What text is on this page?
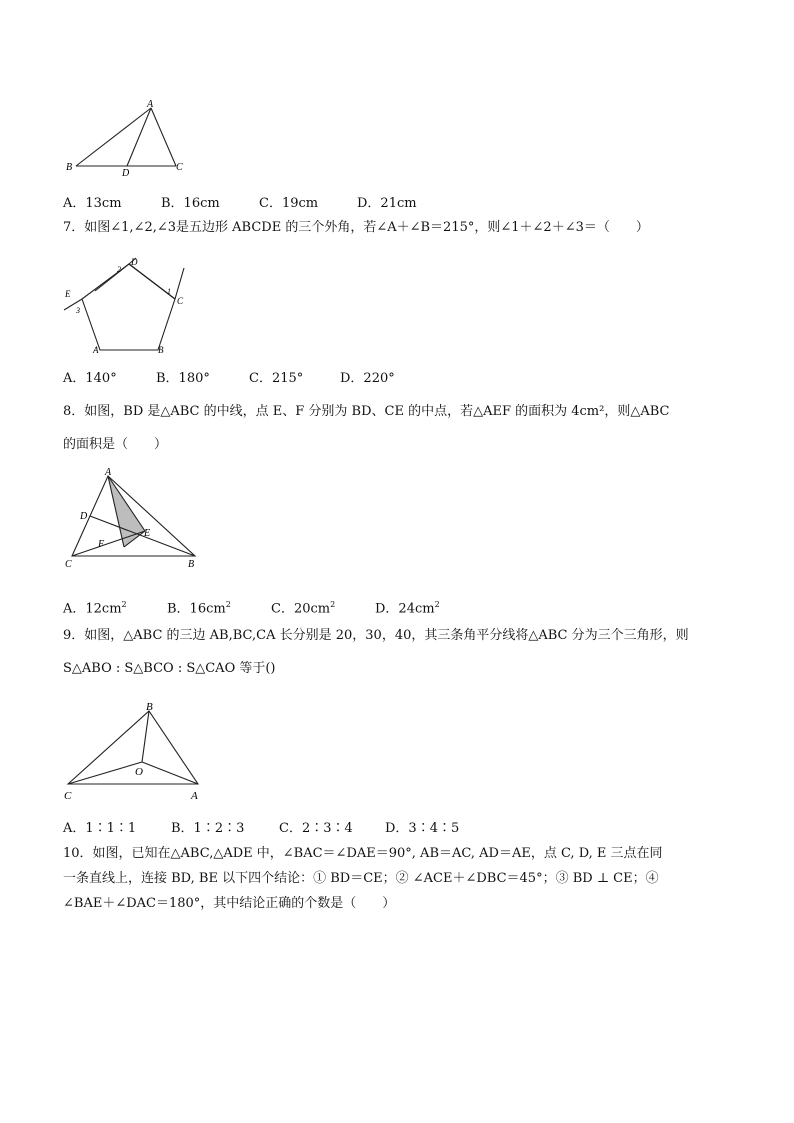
A
B
D
C
A．13cm	B．16cm	C．19cm	D．21cm
7．如图∠1,∠2,∠3是五边形 ABCDE 的三个外角，若∠A＋∠B＝215°，则∠1＋∠2＋∠3＝（　　）
D
2
C
1
E
3
A	B
A．140°	B．180°	C．215°	D．220°
8．如图，BD 是△ABC 的中线，点 E、F 分别为 BD、CE 的中点，若△AEF 的面积为 4cm²，则△ABC
的面积是（　　）
A
D
E
F
C	B
A．$12cm^2$	B．$16cm^2$	C．$20cm^2$	D．$24cm^2$
9．如图，△ABC 的三边 AB,BC,CA 长分别是 20，30，40，其三条角平分线将△ABC 分为三个三角形，则
S△ABO : S△BCO : S△CAO 等于()
B
O
C	A
A．1∶1∶1	B．1∶2∶3	C．2∶3∶4 D．3∶4∶5
10．如图，已知在△ABC,△ADE 中，∠BAC＝∠DAE＝90°, AB＝AC, AD＝AE，点 C, D, E 三点在同
一条直线上，连接 BD, BE 以下四个结论：① BD＝CE；② ∠ACE＋∠DBC＝45°；③ BD ⊥ CE；④
∠BAE＋∠DAC＝180°，其中结论正确的个数是（　　）
